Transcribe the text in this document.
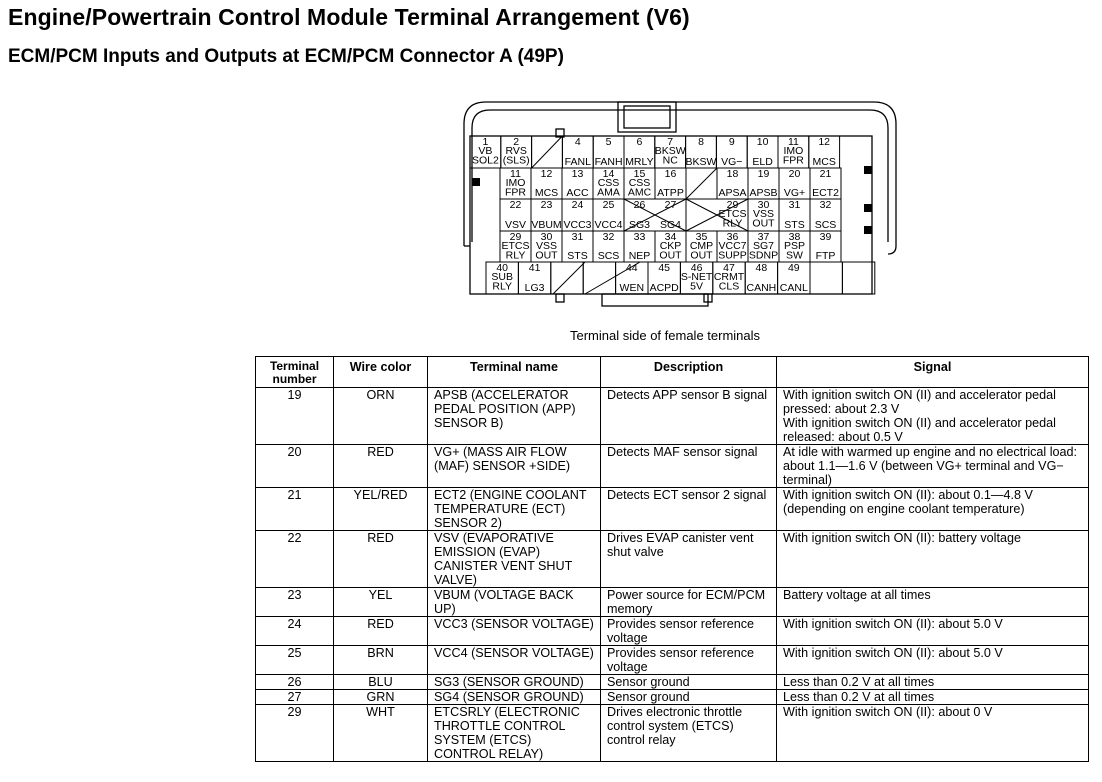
Engine/Powertrain Control Module Terminal Arrangement (V6)
ECM/PCM Inputs and Outputs at ECM/PCM Connector A (49P)
1
VB
SOL2
2
RVS
(SLS)
4
FANL
5
FANH
6
MRLY
7
BKSW
NC
8
BKSW
9
VG−
10
ELD
11
IMO
FPR
12
MCS
11
IMO
FPR
12
MCS
13
ACC
14
CSS
AMA
15
CSS
AMC
16
ATPP
18
APSA
19
APSB
20
VG+
21
ECT2
22
VSV
23
VBUM
24
VCC3
25
VCC4
26
SG3
27
SG4
29
ETCS
RLY
30
VSS
OUT
31
STS
32
SCS
29
ETCS
RLY
30
VSS
OUT
31
STS
32
SCS
33
NEP
34
CKP
OUT
35
CMP
OUT
36
VCC7
SUPP
37
SG7
SDNP
38
PSP
SW
39
FTP
40
SUB
RLY
41
LG3
44
WEN
45
ACPD
46
S-NET
5V
47
CRMT
CLS
48
CANH
49
CANL
Terminal side of female terminals
Terminal
number	Wire color	Terminal name	Description	Signal
19	ORN	APSB (ACCELERATOR PEDAL POSITION (APP) SENSOR B)	Detects APP sensor B signal	With ignition switch ON (II) and accelerator pedal pressed: about 2.3 V
With ignition switch ON (II) and accelerator pedal released: about 0.5 V
20	RED	VG+ (MASS AIR FLOW (MAF) SENSOR +SIDE)	Detects MAF sensor signal	At idle with warmed up engine and no electrical load: about 1.1—1.6 V (between VG+ terminal and VG− terminal)
21	YEL/RED	ECT2 (ENGINE COOLANT TEMPERATURE (ECT) SENSOR 2)	Detects ECT sensor 2 signal	With ignition switch ON (II): about 0.1—4.8 V (depending on engine coolant temperature)
22	RED	VSV (EVAPORATIVE EMISSION (EVAP) CANISTER VENT SHUT VALVE)	Drives EVAP canister vent shut valve	With ignition switch ON (II): battery voltage
23	YEL	VBUM (VOLTAGE BACK UP)	Power source for ECM/PCM memory	Battery voltage at all times
24	RED	VCC3 (SENSOR VOLTAGE)	Provides sensor reference voltage	With ignition switch ON (II): about 5.0 V
25	BRN	VCC4 (SENSOR VOLTAGE)	Provides sensor reference voltage	With ignition switch ON (II): about 5.0 V
26	BLU	SG3 (SENSOR GROUND)	Sensor ground	Less than 0.2 V at all times
27	GRN	SG4 (SENSOR GROUND)	Sensor ground	Less than 0.2 V at all times
29	WHT	ETCSRLY (ELECTRONIC THROTTLE CONTROL SYSTEM (ETCS) CONTROL RELAY)	Drives electronic throttle control system (ETCS) control relay	With ignition switch ON (II): about 0 V
